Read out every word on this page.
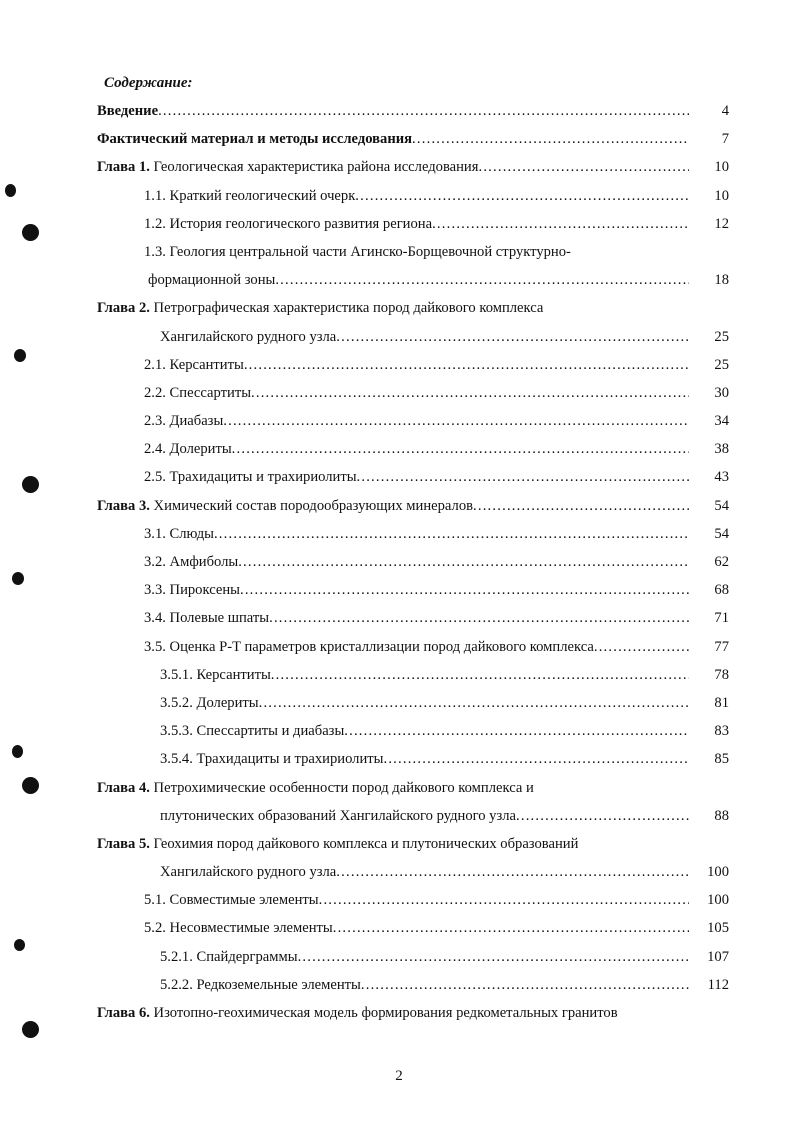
Содержание:
Введение .....	4
Фактический материал и методы исследования .....	7
Глава 1. Геологическая характеристика района исследования .....	10
1.1. Краткий геологический очерк .....	10
1.2. История геологического развития региона .....	12
1.3. Геология центральной части Агинско-Борщевочной структурно-
формационной зоны .....	18
Глава 2. Петрографическая характеристика пород дайкового комплекса
Хангилайского рудного узла .....	25
2.1. Керсантиты .....	25
2.2. Спессартиты .....	30
2.3. Диабазы .....	34
2.4. Долериты .....	38
2.5. Трахидациты и трахириолиты .....	43
Глава 3. Химический состав породообразующих минералов .....	54
3.1. Слюды .....	54
3.2. Амфиболы .....	62
3.3. Пироксены .....	68
3.4. Полевые шпаты .....	71
3.5. Оценка P-T параметров кристаллизации пород дайкового комплекса .....	77
3.5.1. Керсантиты .....	78
3.5.2. Долериты .....	81
3.5.3. Спессартиты и диабазы .....	83
3.5.4. Трахидациты и трахириолиты .....	85
Глава 4. Петрохимические особенности пород дайкового комплекса и
плутонических образований Хангилайского рудного узла .....	88
Глава 5. Геохимия пород дайкового комплекса и плутонических образований
Хангилайского рудного узла .....	100
5.1. Совместимые элементы .....	100
5.2. Несовместимые элементы .....	105
5.2.1. Спайдерграммы .....	107
5.2.2. Редкоземельные элементы .....	112
Глава 6. Изотопно-геохимическая модель формирования редкометальных гранитов
2
